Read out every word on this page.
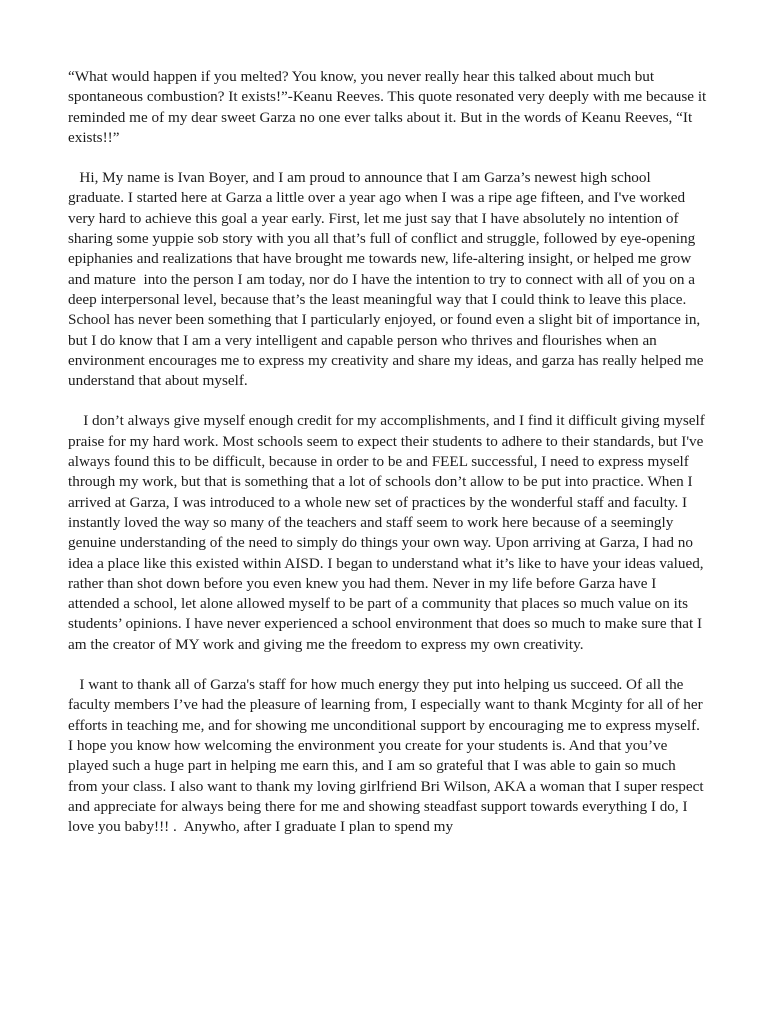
“What would happen if you melted? You know, you never really hear this talked about much but spontaneous combustion? It exists!”-Keanu Reeves. This quote resonated very deeply with me because it reminded me of my dear sweet Garza no one ever talks about it. But in the words of Keanu Reeves, “It exists!!”

Hi, My name is Ivan Boyer, and I am proud to announce that I am Garza’s newest high school graduate. I started here at Garza a little over a year ago when I was a ripe age fifteen, and I've worked very hard to achieve this goal a year early. First, let me just say that I have absolutely no intention of sharing some yuppie sob story with you all that’s full of conflict and struggle, followed by eye-opening epiphanies and realizations that have brought me towards new, life-altering insight, or helped me grow and mature  into the person I am today, nor do I have the intention to try to connect with all of you on a deep interpersonal level, because that’s the least meaningful way that I could think to leave this place. School has never been something that I particularly enjoyed, or found even a slight bit of importance in, but I do know that I am a very intelligent and capable person who thrives and flourishes when an environment encourages me to express my creativity and share my ideas, and garza has really helped me understand that about myself.

I don’t always give myself enough credit for my accomplishments, and I find it difficult giving myself praise for my hard work. Most schools seem to expect their students to adhere to their standards, but I've always found this to be difficult, because in order to be and FEEL successful, I need to express myself through my work, but that is something that a lot of schools don’t allow to be put into practice. When I arrived at Garza, I was introduced to a whole new set of practices by the wonderful staff and faculty. I instantly loved the way so many of the teachers and staff seem to work here because of a seemingly genuine understanding of the need to simply do things your own way. Upon arriving at Garza, I had no idea a place like this existed within AISD. I began to understand what it’s like to have your ideas valued, rather than shot down before you even knew you had them. Never in my life before Garza have I attended a school, let alone allowed myself to be part of a community that places so much value on its students’ opinions. I have never experienced a school environment that does so much to make sure that I am the creator of MY work and giving me the freedom to express my own creativity.

I want to thank all of Garza's staff for how much energy they put into helping us succeed. Of all the faculty members I’ve had the pleasure of learning from, I especially want to thank Mcginty for all of her efforts in teaching me, and for showing me unconditional support by encouraging me to express myself. I hope you know how welcoming the environment you create for your students is. And that you’ve played such a huge part in helping me earn this, and I am so grateful that I was able to gain so much from your class. I also want to thank my loving girlfriend Bri Wilson, AKA a woman that I super respect and appreciate for always being there for me and showing steadfast support towards everything I do, I love you baby!!! .  Anywho, after I graduate I plan to spend my
